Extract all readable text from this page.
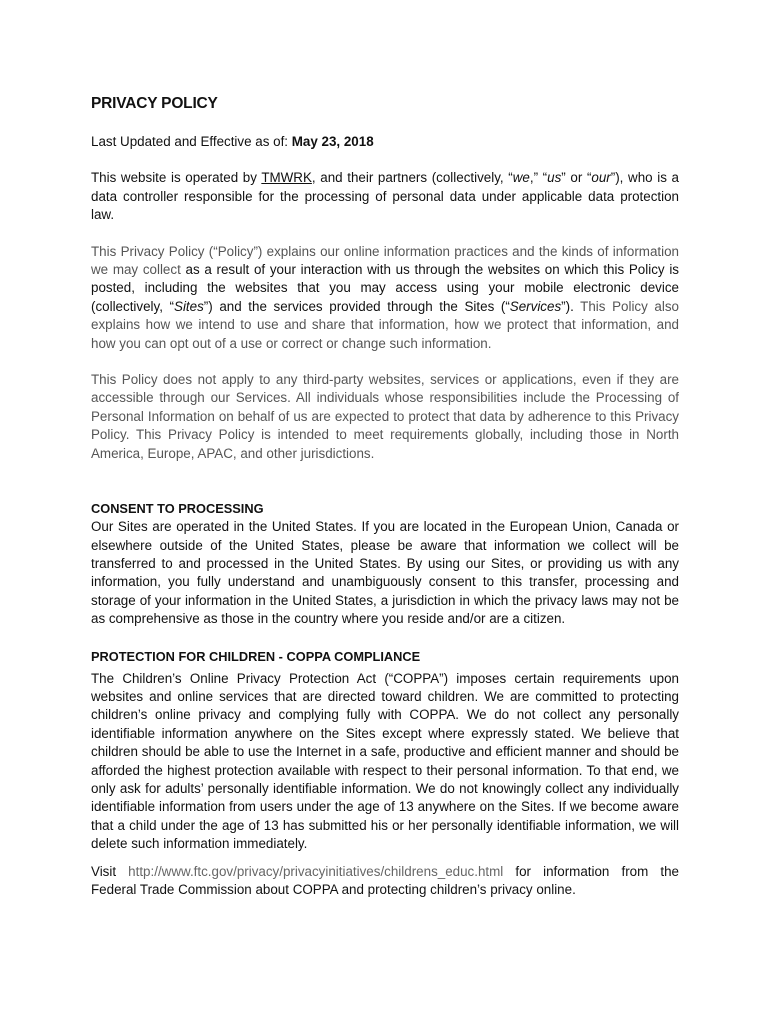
PRIVACY POLICY

Last Updated and Effective as of: May 23, 2018

This website is operated by TMWRK, and their partners (collectively, “we,” “us” or “our”), who is a data controller responsible for the processing of personal data under applicable data protection law.

This Privacy Policy (“Policy”) explains our online information practices and the kinds of information we may collect as a result of your interaction with us through the websites on which this Policy is posted, including the websites that you may access using your mobile electronic device (collectively, “Sites”) and the services provided through the Sites (“Services”). This Policy also explains how we intend to use and share that information, how we protect that information, and how you can opt out of a use or correct or change such information.

This Policy does not apply to any third-party websites, services or applications, even if they are accessible through our Services. All individuals whose responsibilities include the Processing of Personal Information on behalf of us are expected to protect that data by adherence to this Privacy Policy. This Privacy Policy is intended to meet requirements globally, including those in North America, Europe, APAC, and other jurisdictions.

CONSENT TO PROCESSING

Our Sites are operated in the United States. If you are located in the European Union, Canada or elsewhere outside of the United States, please be aware that information we collect will be transferred to and processed in the United States. By using our Sites, or providing us with any information, you fully understand and unambiguously consent to this transfer, processing and storage of your information in the United States, a jurisdiction in which the privacy laws may not be as comprehensive as those in the country where you reside and/or are a citizen.

PROTECTION FOR CHILDREN - COPPA COMPLIANCE

The Children’s Online Privacy Protection Act (“COPPA”) imposes certain requirements upon websites and online services that are directed toward children. We are committed to protecting children’s online privacy and complying fully with COPPA. We do not collect any personally identifiable information anywhere on the Sites except where expressly stated. We believe that children should be able to use the Internet in a safe, productive and efficient manner and should be afforded the highest protection available with respect to their personal information. To that end, we only ask for adults’ personally identifiable information. We do not knowingly collect any individually identifiable information from users under the age of 13 anywhere on the Sites. If we become aware that a child under the age of 13 has submitted his or her personally identifiable information, we will delete such information immediately.

Visit http://www.ftc.gov/privacy/privacyinitiatives/childrens_educ.html for information from the Federal Trade Commission about COPPA and protecting children’s privacy online.
